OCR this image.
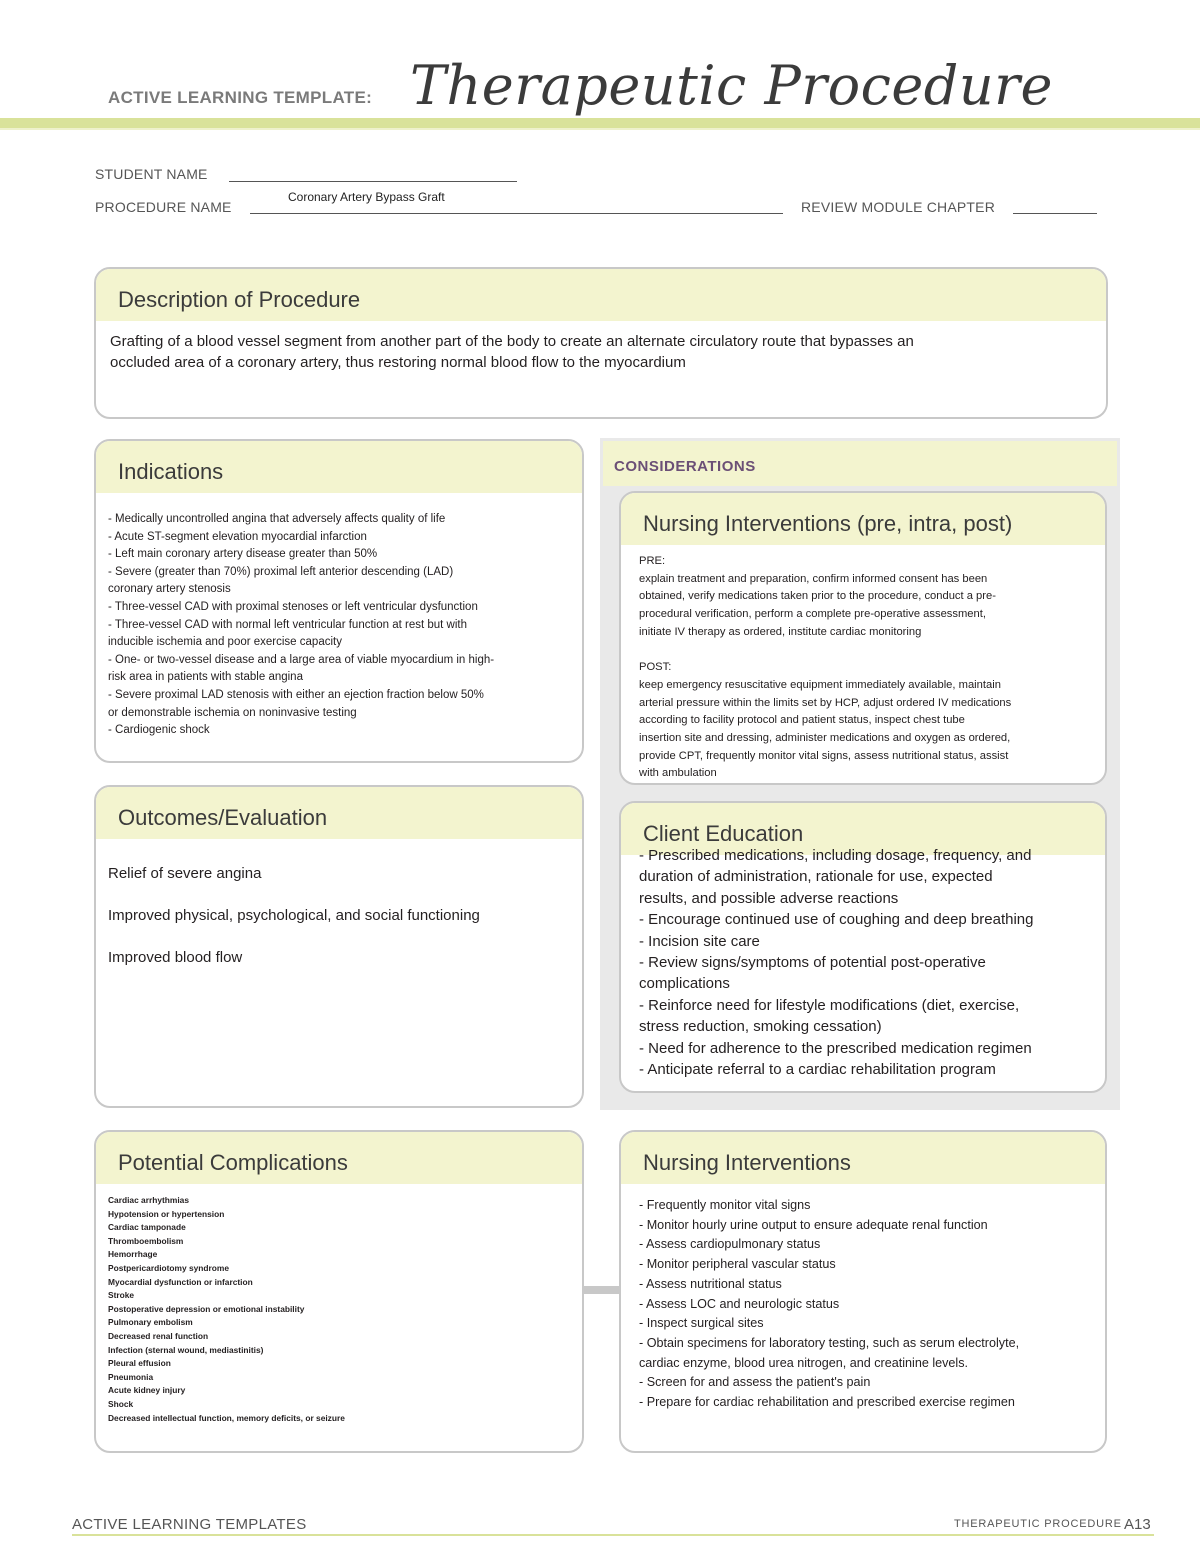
ACTIVE LEARNING TEMPLATE: Therapeutic Procedure
STUDENT NAME
PROCEDURE NAME
Coronary Artery Bypass Graft
REVIEW MODULE CHAPTER
Description of Procedure
Grafting of a blood vessel segment from another part of the body to create an alternate circulatory route that bypasses an
occluded area of a coronary artery, thus restoring normal blood flow to the myocardium
Indications
- Medically uncontrolled angina that adversely affects quality of life
- Acute ST-segment elevation myocardial infarction
- Left main coronary artery disease greater than 50%
- Severe (greater than 70%) proximal left anterior descending (LAD)
coronary artery stenosis
- Three-vessel CAD with proximal stenoses or left ventricular dysfunction
- Three-vessel CAD with normal left ventricular function at rest but with
inducible ischemia and poor exercise capacity
- One- or two-vessel disease and a large area of viable myocardium in high-
risk area in patients with stable angina
- Severe proximal LAD stenosis with either an ejection fraction below 50%
or demonstrable ischemia on noninvasive testing
- Cardiogenic shock
CONSIDERATIONS
Nursing Interventions (pre, intra, post)
PRE:
explain treatment and preparation, confirm informed consent has been
obtained, verify medications taken prior to the procedure, conduct a pre-
procedural verification, perform a complete pre-operative assessment,
initiate IV therapy as ordered, institute cardiac monitoring

POST:
keep emergency resuscitative equipment immediately available, maintain
arterial pressure within the limits set by HCP, adjust ordered IV medications
according to facility protocol and patient status, inspect chest tube
insertion site and dressing, administer medications and oxygen as ordered,
provide CPT, frequently monitor vital signs, assess nutritional status, assist
with ambulation
Client Education
- Prescribed medications, including dosage, frequency, and
duration of administration, rationale for use, expected
results, and possible adverse reactions
- Encourage continued use of coughing and deep breathing
- Incision site care
- Review signs/symptoms of potential post-operative
complications
- Reinforce need for lifestyle modifications (diet, exercise,
stress reduction, smoking cessation)
- Need for adherence to the prescribed medication regimen
- Anticipate referral to a cardiac rehabilitation program
Outcomes/Evaluation
Relief of severe angina

Improved physical, psychological, and social functioning

Improved blood flow
Potential Complications
Cardiac arrhythmias
Hypotension or hypertension
Cardiac tamponade
Thromboembolism
Hemorrhage
Postpericardiotomy syndrome
Myocardial dysfunction or infarction
Stroke
Postoperative depression or emotional instability
Pulmonary embolism
Decreased renal function
Infection (sternal wound, mediastinitis)
Pleural effusion
Pneumonia
Acute kidney injury
Shock
Decreased intellectual function, memory deficits, or seizure
Nursing Interventions
- Frequently monitor vital signs
- Monitor hourly urine output to ensure adequate renal function
- Assess cardiopulmonary status
- Monitor peripheral vascular status
- Assess nutritional status
- Assess LOC and neurologic status
- Inspect surgical sites
- Obtain specimens for laboratory testing, such as serum electrolyte,
cardiac enzyme, blood urea nitrogen, and creatinine levels.
- Screen for and assess the patient's pain
- Prepare for cardiac rehabilitation and prescribed exercise regimen
ACTIVE LEARNING TEMPLATES	THERAPEUTIC PROCEDURE A13
